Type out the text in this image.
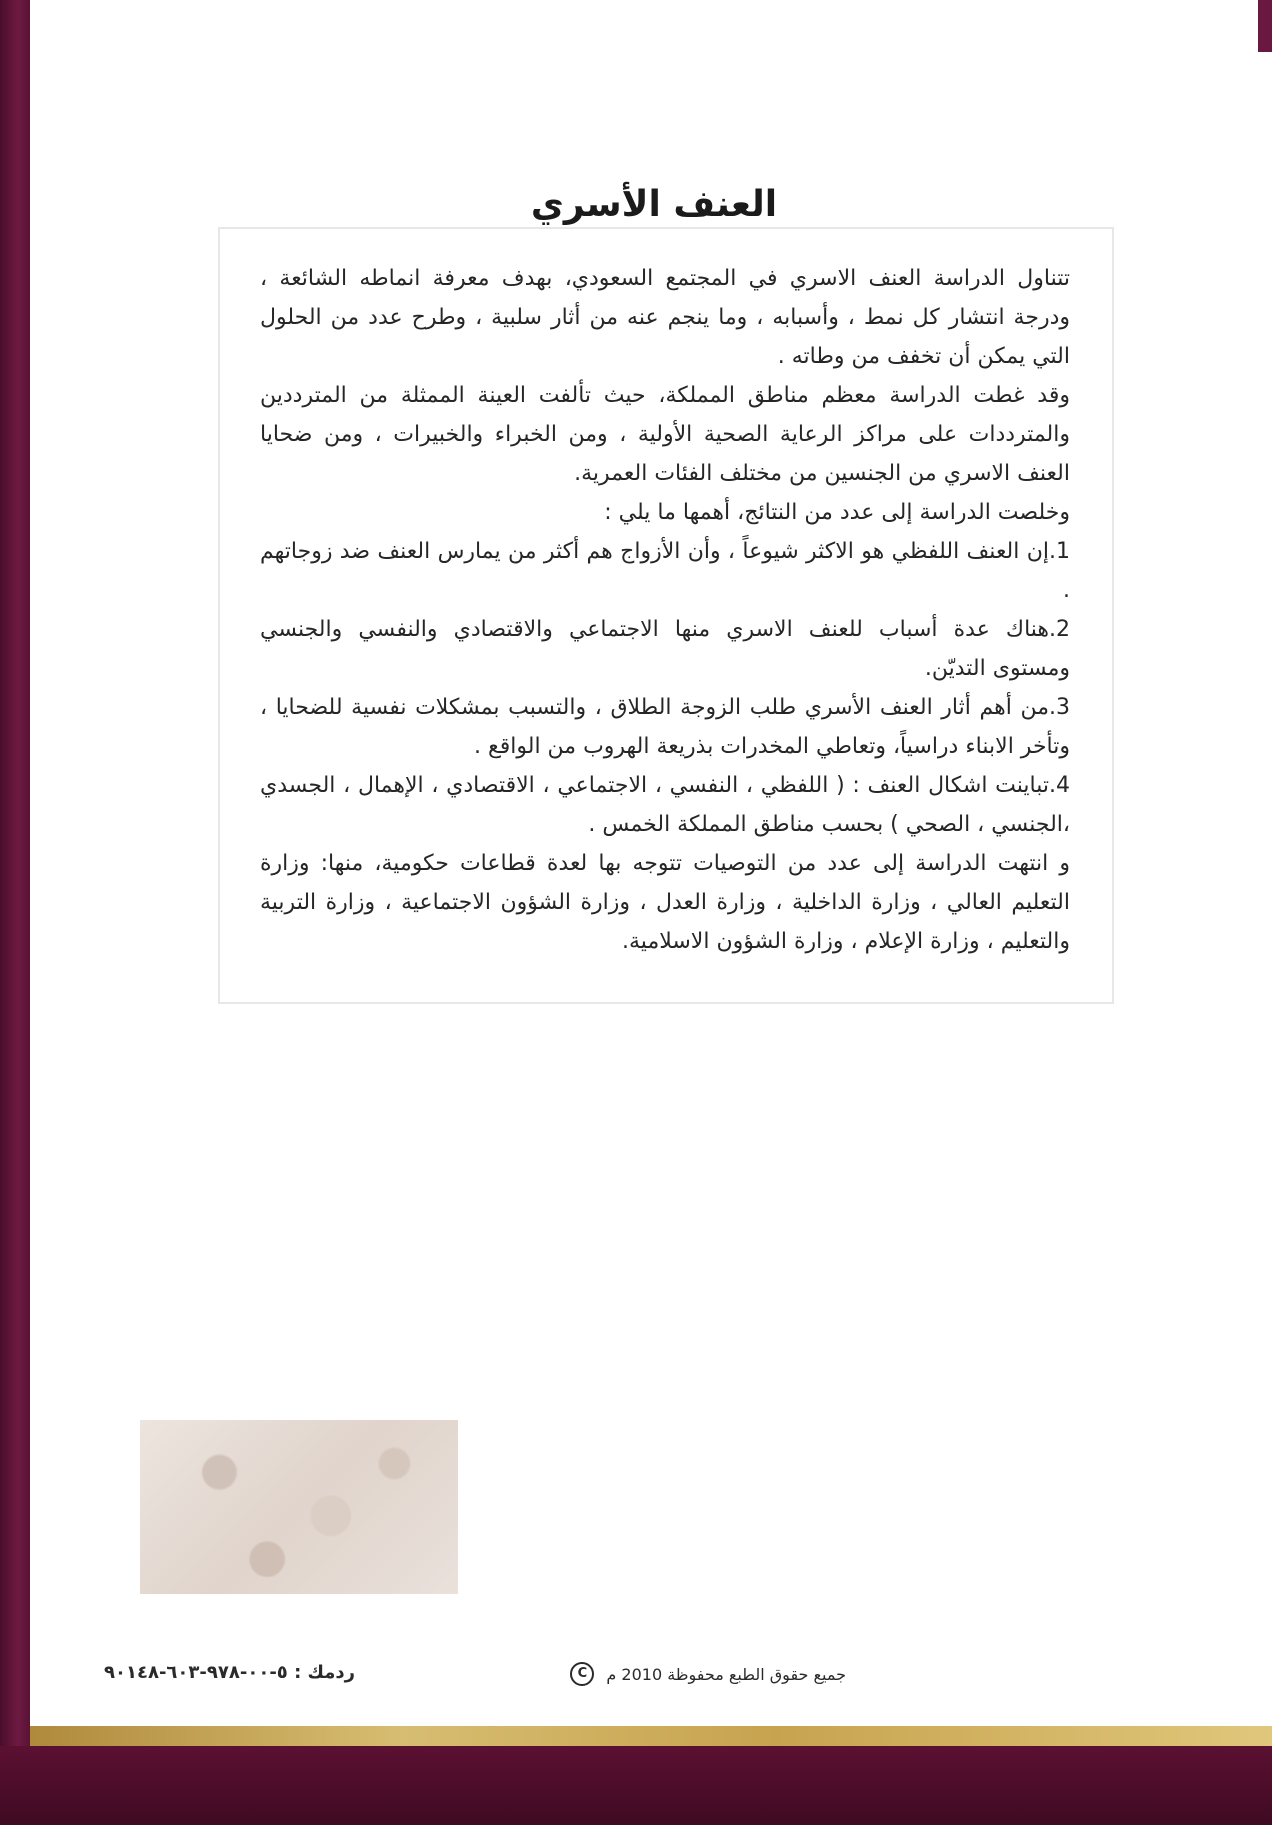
العنف الأسري

تتناول الدراسة العنف الاسري في المجتمع السعودي، بهدف معرفة انماطه الشائعة ، ودرجة انتشار كل نمط ، وأسبابه ، وما ينجم عنه من أثار سلبية ، وطرح عدد من الحلول التي يمكن أن تخفف من وطاته .

وقد غطت الدراسة معظم مناطق المملكة، حيث تألفت العينة الممثلة من المترددين والمترددات على مراكز الرعاية الصحية الأولية ، ومن الخبراء والخبيرات ، ومن ضحايا العنف الاسري من الجنسين من مختلف الفئات العمرية.

وخلصت الدراسة إلى عدد من النتائج، أهمها ما يلي :

1.إن العنف اللفظي هو الاكثر شيوعاً ، وأن الأزواج هم أكثر من يمارس العنف ضد زوجاتهم .

2.هناك عدة أسباب للعنف الاسري منها الاجتماعي والاقتصادي والنفسي والجنسي ومستوى التديّن.

3.من أهم أثار العنف الأسري طلب الزوجة الطلاق ، والتسبب بمشكلات نفسية للضحايا ، وتأخر الابناء دراسياً، وتعاطي المخدرات بذريعة الهروب من الواقع .

4.تباينت اشكال العنف : ( اللفظي ، النفسي ، الاجتماعي ، الاقتصادي ، الإهمال ، الجسدي ،الجنسي ، الصحي ) بحسب مناطق المملكة الخمس .

و انتهت الدراسة إلى عدد من التوصيات تتوجه بها لعدة قطاعات حكومية، منها: وزارة التعليم العالي ، وزارة الداخلية ، وزارة العدل ، وزارة الشؤون الاجتماعية ، وزارة التربية والتعليم ، وزارة الإعلام ، وزارة الشؤون الاسلامية.

جميع حقوق الطبع محفوظة 2010 م
C
ردمك : ٥-٠٠-٩٧٨-٦٠٣-٩٠١٤٨
